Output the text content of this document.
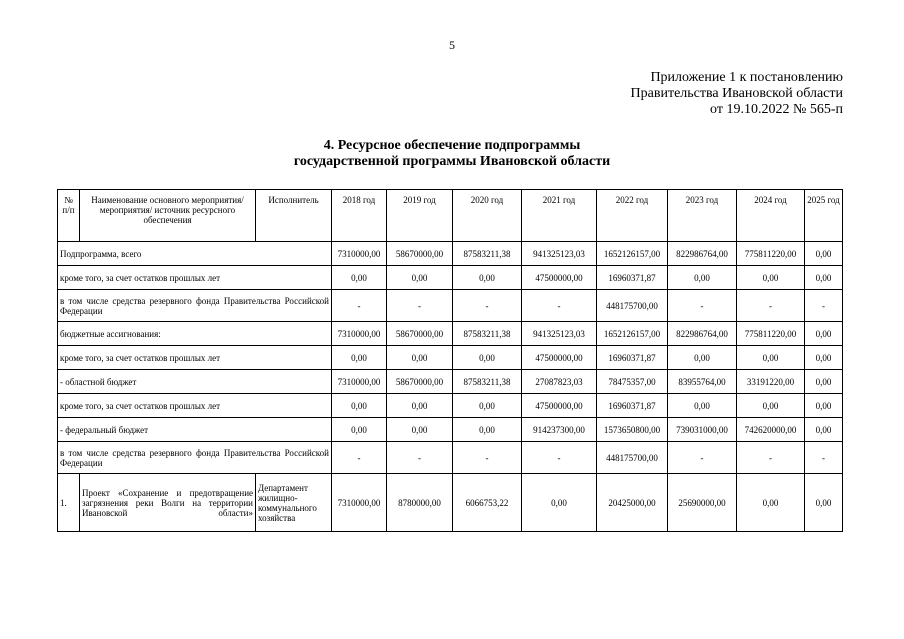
5
Приложение 1 к постановлению
Правительства Ивановской области
от 19.10.2022 № 565-п
4. Ресурсное обеспечение подпрограммы
государственной программы Ивановской области
№ п/п	Наименование основного мероприятия/мероприятия/ источник ресурсного обеспечения	Исполнитель	2018 год	2019 год	2020 год	2021 год	2022 год	2023 год	2024 год	2025 год
Подпрограмма, всего			7310000,00	58670000,00	87583211,38	941325123,03	1652126157,00	822986764,00	775811220,00	0,00
кроме того, за счет остатков прошлых лет			0,00	0,00	0,00	47500000,00	16960371,87	0,00	0,00	0,00
в том числе средства резервного фонда Правительства Российской Федерации			-	-	-	-	448175700,00	-	-	-
бюджетные ассигнования:			7310000,00	58670000,00	87583211,38	941325123,03	1652126157,00	822986764,00	775811220,00	0,00
кроме того, за счет остатков прошлых лет			0,00	0,00	0,00	47500000,00	16960371,87	0,00	0,00	0,00
- областной бюджет			7310000,00	58670000,00	87583211,38	27087823,03	78475357,00	83955764,00	33191220,00	0,00
кроме того, за счет остатков прошлых лет			0,00	0,00	0,00	47500000,00	16960371,87	0,00	0,00	0,00
- федеральный бюджет			0,00	0,00	0,00	914237300,00	1573650800,00	739031000,00	742620000,00	0,00
в том числе средства резервного фонда Правительства Российской Федерации			-	-	-	-	448175700,00	-	-	-
1.	Проект «Сохранение и предотвращение загрязнения реки Волги на территории Ивановской области»	Департамент жилищно-коммунального хозяйства	7310000,00	8780000,00	6066753,22	0,00	20425000,00	25690000,00	0,00	0,00
